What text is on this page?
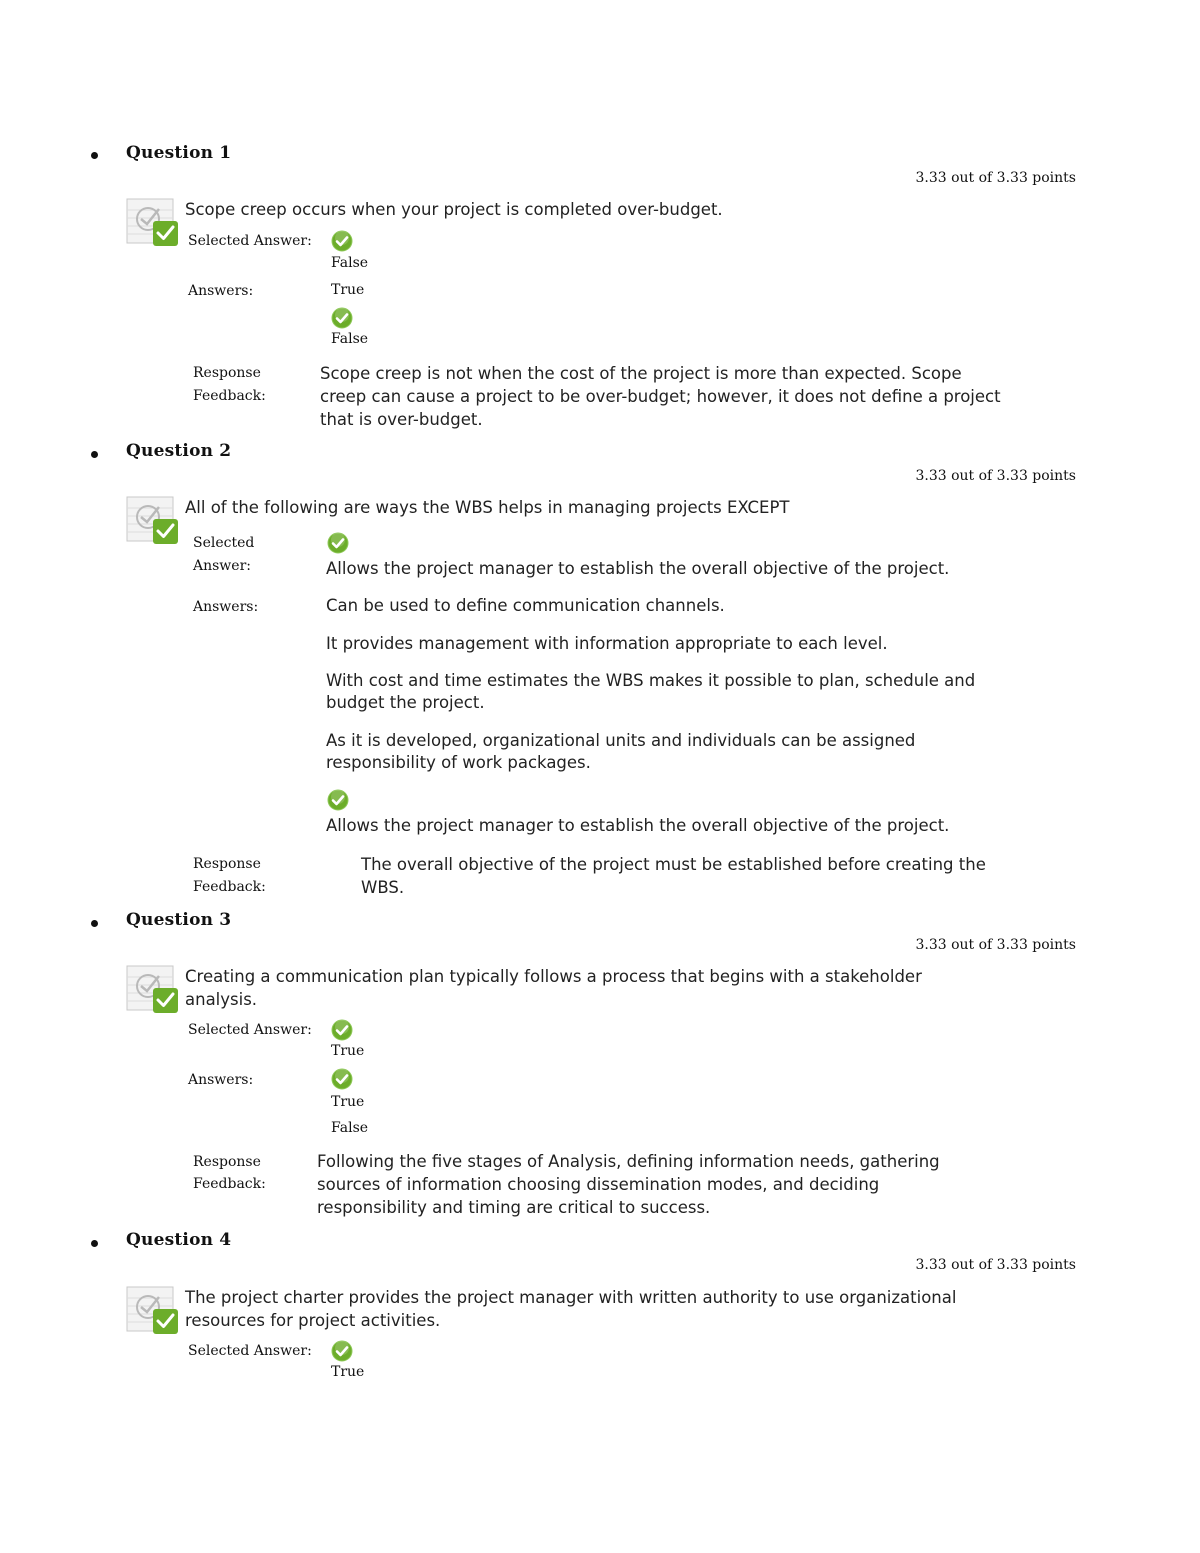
Question 1
3.33 out of 3.33 points
Scope creep occurs when your project is completed over-budget.
Selected Answer:
False
Answers:	True
False
Response
Feedback:
Scope creep is not when the cost of the project is more than expected. Scope creep can cause a project to be over-budget; however, it does not define a project that is over-budget.
Question 2
3.33 out of 3.33 points
All of the following are ways the WBS helps in managing projects EXCEPT
Selected
Answer:	Allows the project manager to establish the overall objective of the project.
Answers:	Can be used to define communication channels.
It provides management with information appropriate to each level.
With cost and time estimates the WBS makes it possible to plan, schedule and budget the project.
As it is developed, organizational units and individuals can be assigned responsibility of work packages.
Allows the project manager to establish the overall objective of the project.
Response
Feedback:
The overall objective of the project must be established before creating the WBS.
Question 3
3.33 out of 3.33 points
Creating a communication plan typically follows a process that begins with a stakeholder analysis.
Selected Answer:
True
Answers:
True
False
Response
Feedback:
Following the five stages of Analysis, defining information needs, gathering sources of information choosing dissemination modes, and deciding responsibility and timing are critical to success.
Question 4
3.33 out of 3.33 points
The project charter provides the project manager with written authority to use organizational resources for project activities.
Selected Answer:
True
